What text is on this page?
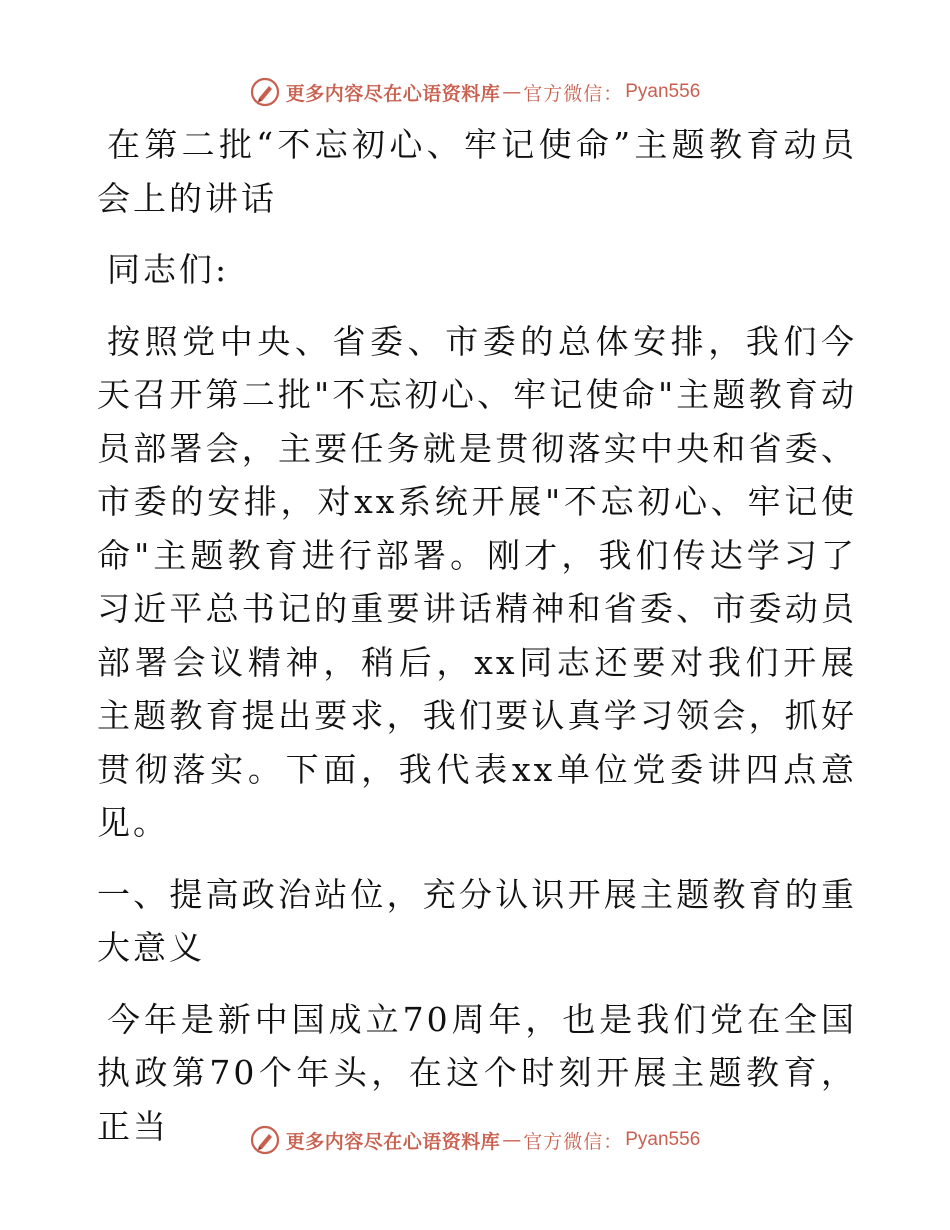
更多内容尽在心语资料库 — 官方微信： Pyan556

在第二批“不忘初心、牢记使命”主题教育动员会上的讲话

同志们:

按照党中央、省委、市委的总体安排，我们今天召开第二批"不忘初心、牢记使命"主题教育动员部署会，主要任务就是贯彻落实中央和省委、市委的安排，对xx系统开展"不忘初心、牢记使命"主题教育进行部署。刚才，我们传达学习了习近平总书记的重要讲话精神和省委、市委动员部署会议精神，稍后，xx同志还要对我们开展主题教育提出要求，我们要认真学习领会，抓好贯彻落实。下面，我代表xx单位党委讲四点意见。

一、提高政治站位，充分认识开展主题教育的重大意义

今年是新中国成立70周年，也是我们党在全国执政第70个年头，在这个时刻开展主题教育，正当	更多内容尽在心语资料库 — 官方微信： Pyan556
